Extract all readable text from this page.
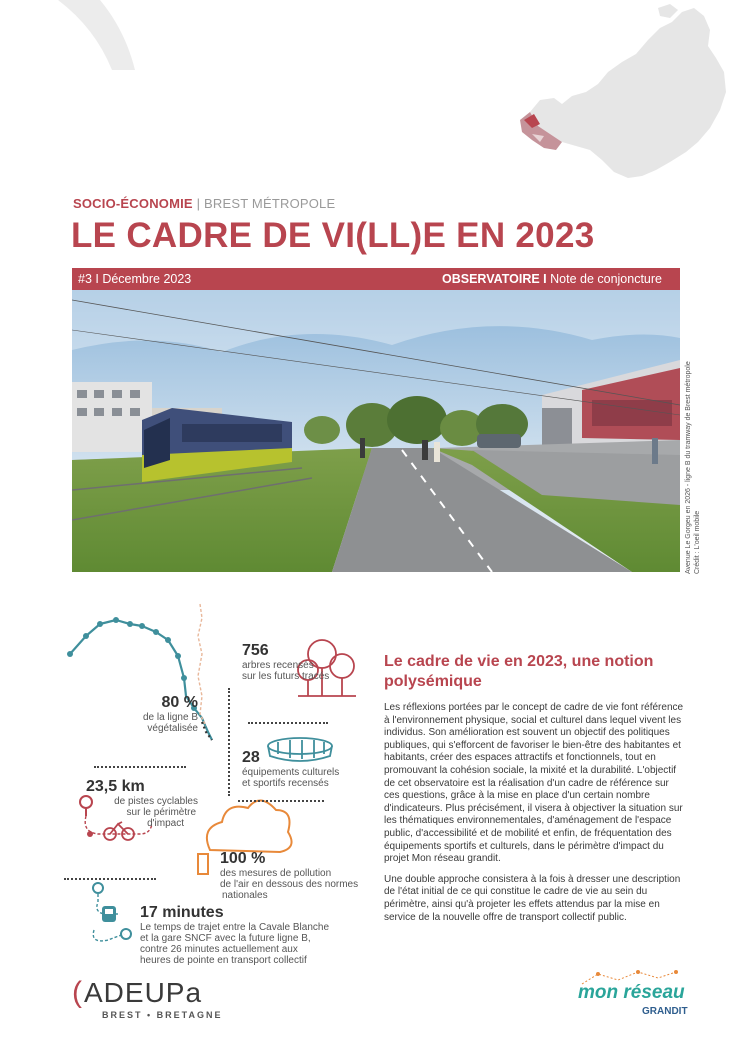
SOCIO-ÉCONOMIE | BREST MÉTROPOLE
LE CADRE DE VI(LL)E EN 2023
#3 I Décembre 2023	OBSERVATOIRE I Note de conjoncture
Avenue Le Gorgeu en 2026 - ligne B du tramway de Brest métropole Crédit : L'oeil mobile
756
arbres recensés
sur les futurs tracés
80 %
de la ligne B
végétalisée
28
équipements culturels
et sportifs recensés
23,5 km
de pistes cyclables
sur le périmètre
d'impact
100 %
des mesures de pollution
de l'air en dessous des normes
nationales
17 minutes
Le temps de trajet entre la Cavale Blanche
et la gare SNCF avec la future ligne B,
contre 26 minutes actuellement aux
heures de pointe en transport collectif
Le cadre de vie en 2023, une notion
polysémique

Les réflexions portées par le concept de cadre de vie font référence à l'environnement physique, social et culturel dans lequel vivent les individus. Son amélioration est souvent un objectif des politiques publiques, qui s'efforcent de favoriser le bien-être des habitantes et habitants, créer des espaces attractifs et fonctionnels, tout en promouvant la cohésion sociale, la mixité et la durabilité. L'objectif de cet observatoire est la réalisation d'un cadre de référence sur ces questions, grâce à la mise en place d'un certain nombre d'indicateurs. Plus précisément, il visera à objectiver la situation sur les thématiques environnementales, d'aménagement de l'espace public, d'accessibilité et de mobilité et enfin, de fréquentation des équipements sportifs et culturels, dans le périmètre d'impact du projet Mon réseau grandit.

Une double approche consistera à la fois à dresser une description de l'état initial de ce qui constitue le cadre de vie au sein du périmètre, ainsi qu'à projeter les effets attendus par la mise en service de la nouvelle offre de transport collectif public.

( ADEUPa
BREST • BRETAGNE
mon réseau
GRANDIT
